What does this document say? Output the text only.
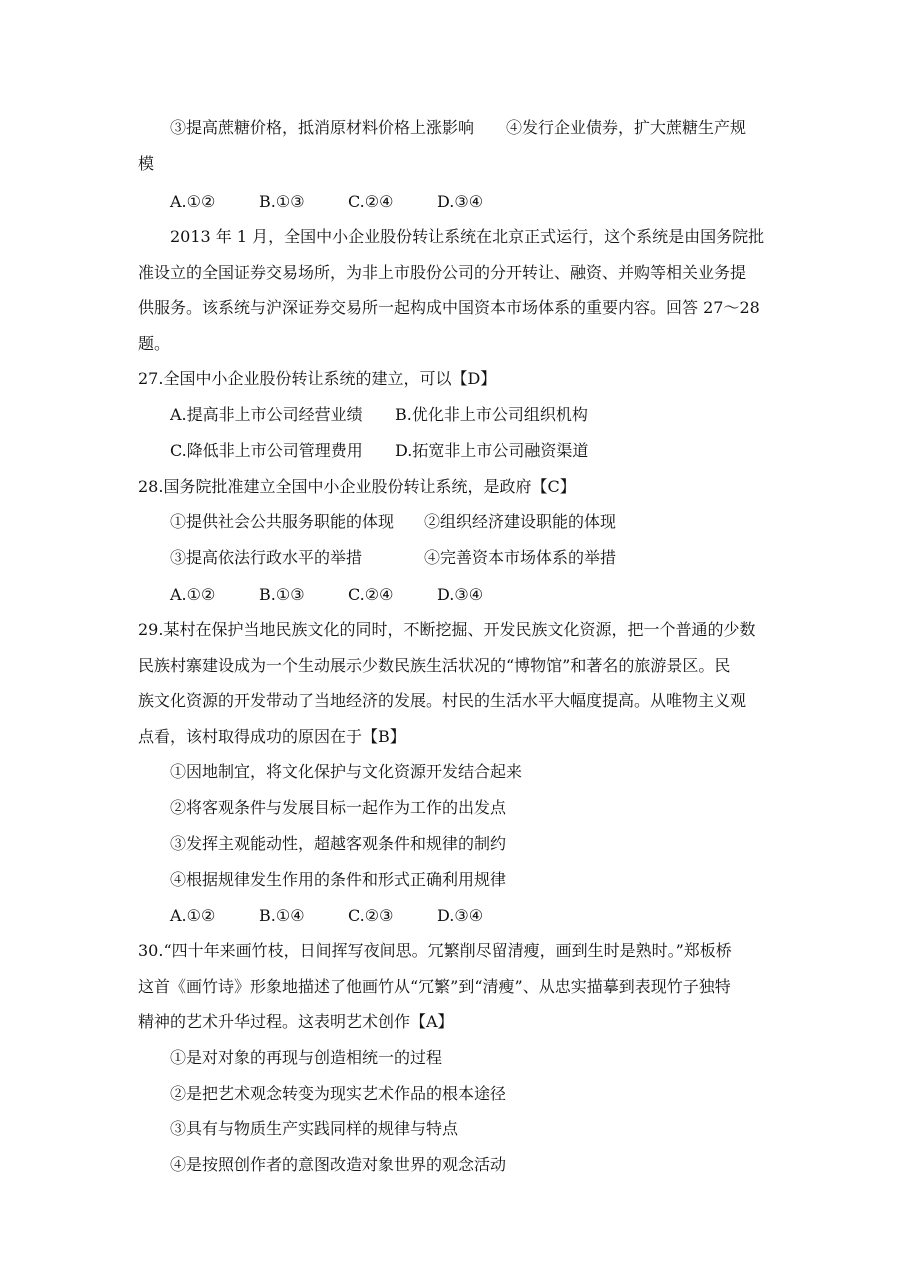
③提高蔗糖价格，抵消原材料价格上涨影响 ④发行企业债券，扩大蔗糖生产规
模
A.①②	B.①③	C.②④	D.③④
2013 年 1 月，全国中小企业股份转让系统在北京正式运行，这个系统是由国务院批
准设立的全国证券交易场所，为非上市股份公司的分开转让、融资、并购等相关业务提
供服务。该系统与沪深证券交易所一起构成中国资本市场体系的重要内容。回答 27～28
题。
27.全国中小企业股份转让系统的建立，可以【D】
A.提高非上市公司经营业绩 B.优化非上市公司组织机构
C.降低非上市公司管理费用 D.拓宽非上市公司融资渠道
28.国务院批准建立全国中小企业股份转让系统，是政府【C】
①提供社会公共服务职能的体现 ②组织经济建设职能的体现
③提高依法行政水平的举措	④完善资本市场体系的举措
A.①②	B.①③	C.②④	D.③④
29.某村在保护当地民族文化的同时，不断挖掘、开发民族文化资源，把一个普通的少数
民族村寨建设成为一个生动展示少数民族生活状况的“博物馆”和著名的旅游景区。民
族文化资源的开发带动了当地经济的发展。村民的生活水平大幅度提高。从唯物主义观
点看，该村取得成功的原因在于【B】
①因地制宜，将文化保护与文化资源开发结合起来
②将客观条件与发展目标一起作为工作的出发点
③发挥主观能动性，超越客观条件和规律的制约
④根据规律发生作用的条件和形式正确利用规律
A.①②	B.①④	C.②③	D.③④
30.“四十年来画竹枝，日间挥写夜间思。冗繁削尽留清瘦，画到生时是熟时。”郑板桥
这首《画竹诗》形象地描述了他画竹从“冗繁”到“清瘦”、从忠实描摹到表现竹子独特
精神的艺术升华过程。这表明艺术创作【A】
①是对对象的再现与创造相统一的过程
②是把艺术观念转变为现实艺术作品的根本途径
③具有与物质生产实践同样的规律与特点
④是按照创作者的意图改造对象世界的观念活动
